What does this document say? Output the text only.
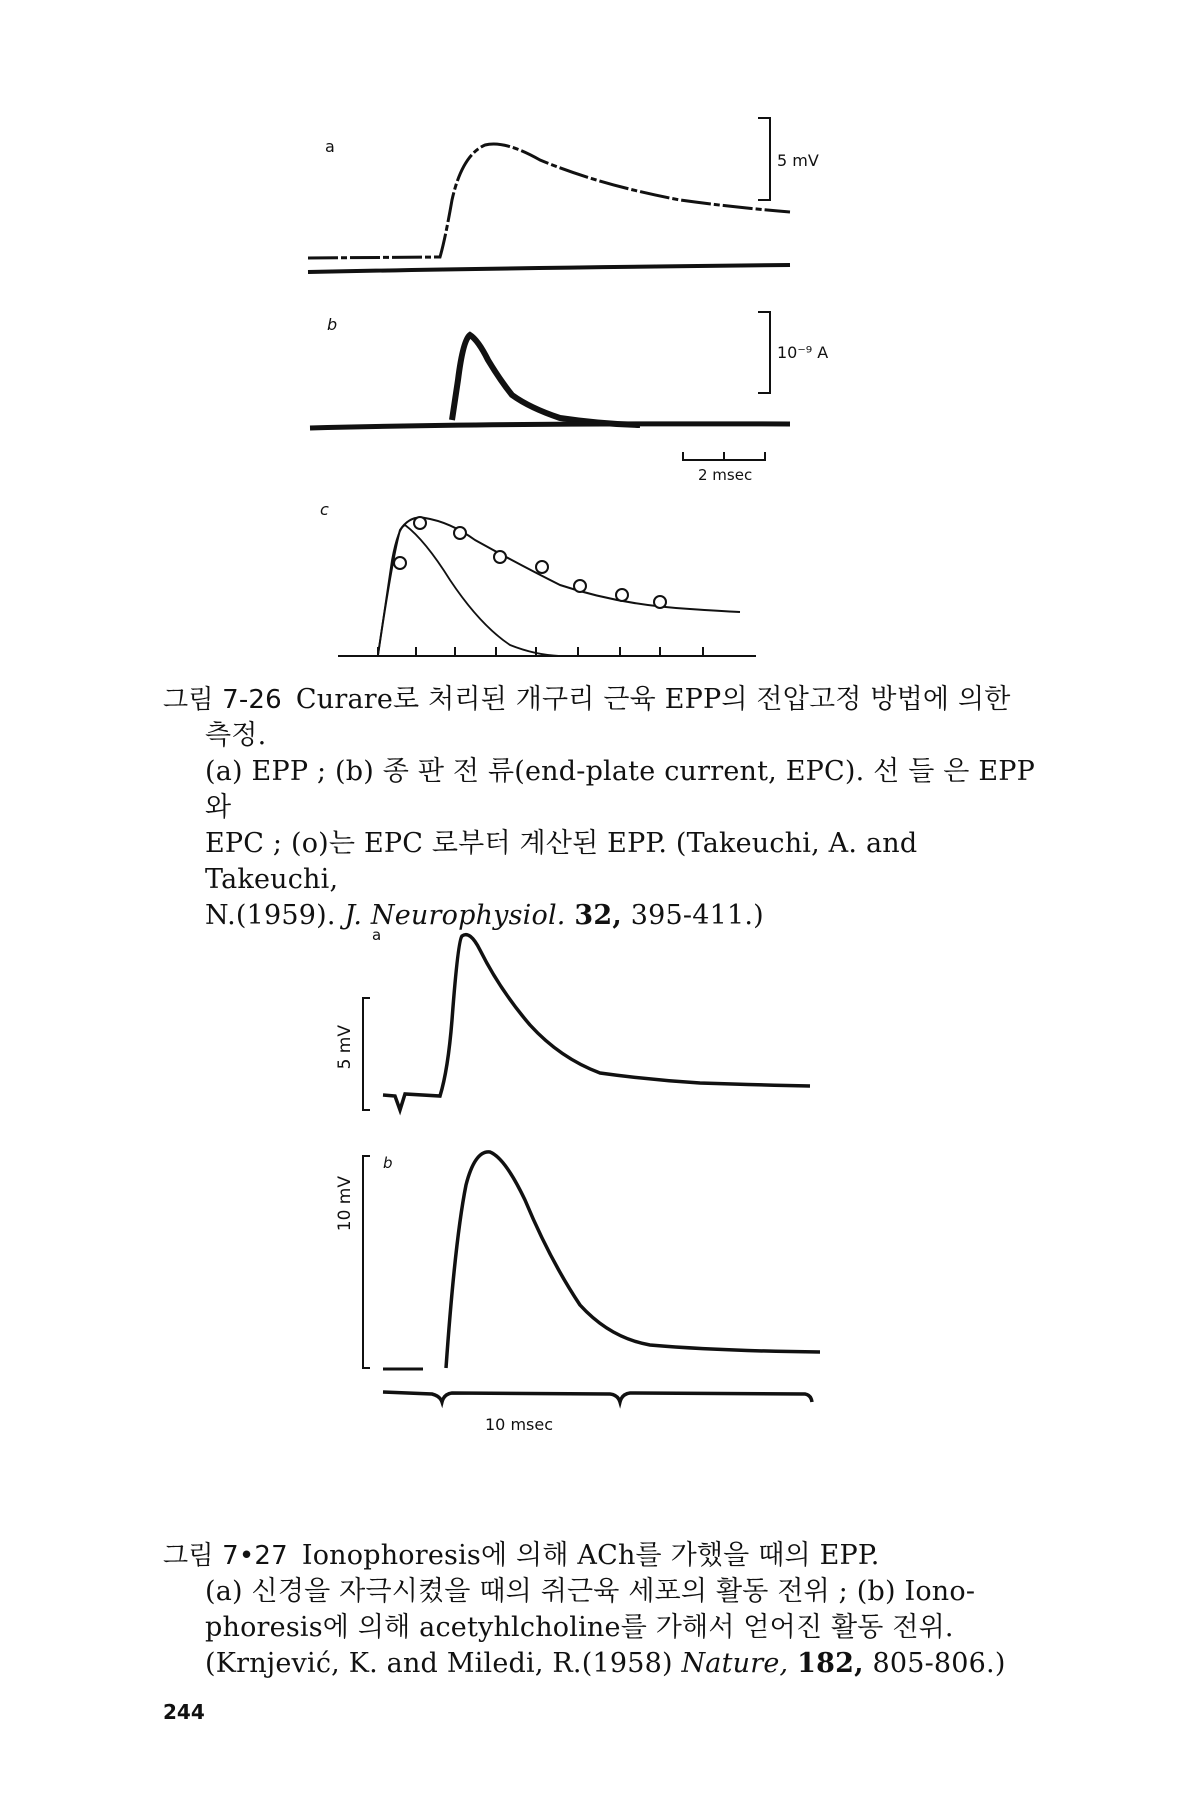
a
5 mV
b
10⁻⁹ A
2 msec
c
그림 7-26 Curare로 처리된 개구리 근육 EPP의 전압고정 방법에 의한
측정.
(a) EPP ; (b) 종 판 전 류(end-plate current, EPC). 선 들 은 EPP 와
EPC ; (o)는 EPC 로부터 계산된 EPP. (Takeuchi, A. and Takeuchi,
N.(1959). J. Neurophysiol. 32, 395-411.)
a
5 mV
b
10 mV
10 msec
그림 7•27 Ionophoresis에 의해 ACh를 가했을 때의 EPP.
(a) 신경을 자극시켰을 때의 쥐근육 세포의 활동 전위 ; (b) Iono-
phoresis에 의해 acetyhlcholine를 가해서 얻어진 활동 전위.
(Krnjević, K. and Miledi, R.(1958) Nature, 182, 805-806.)
244
